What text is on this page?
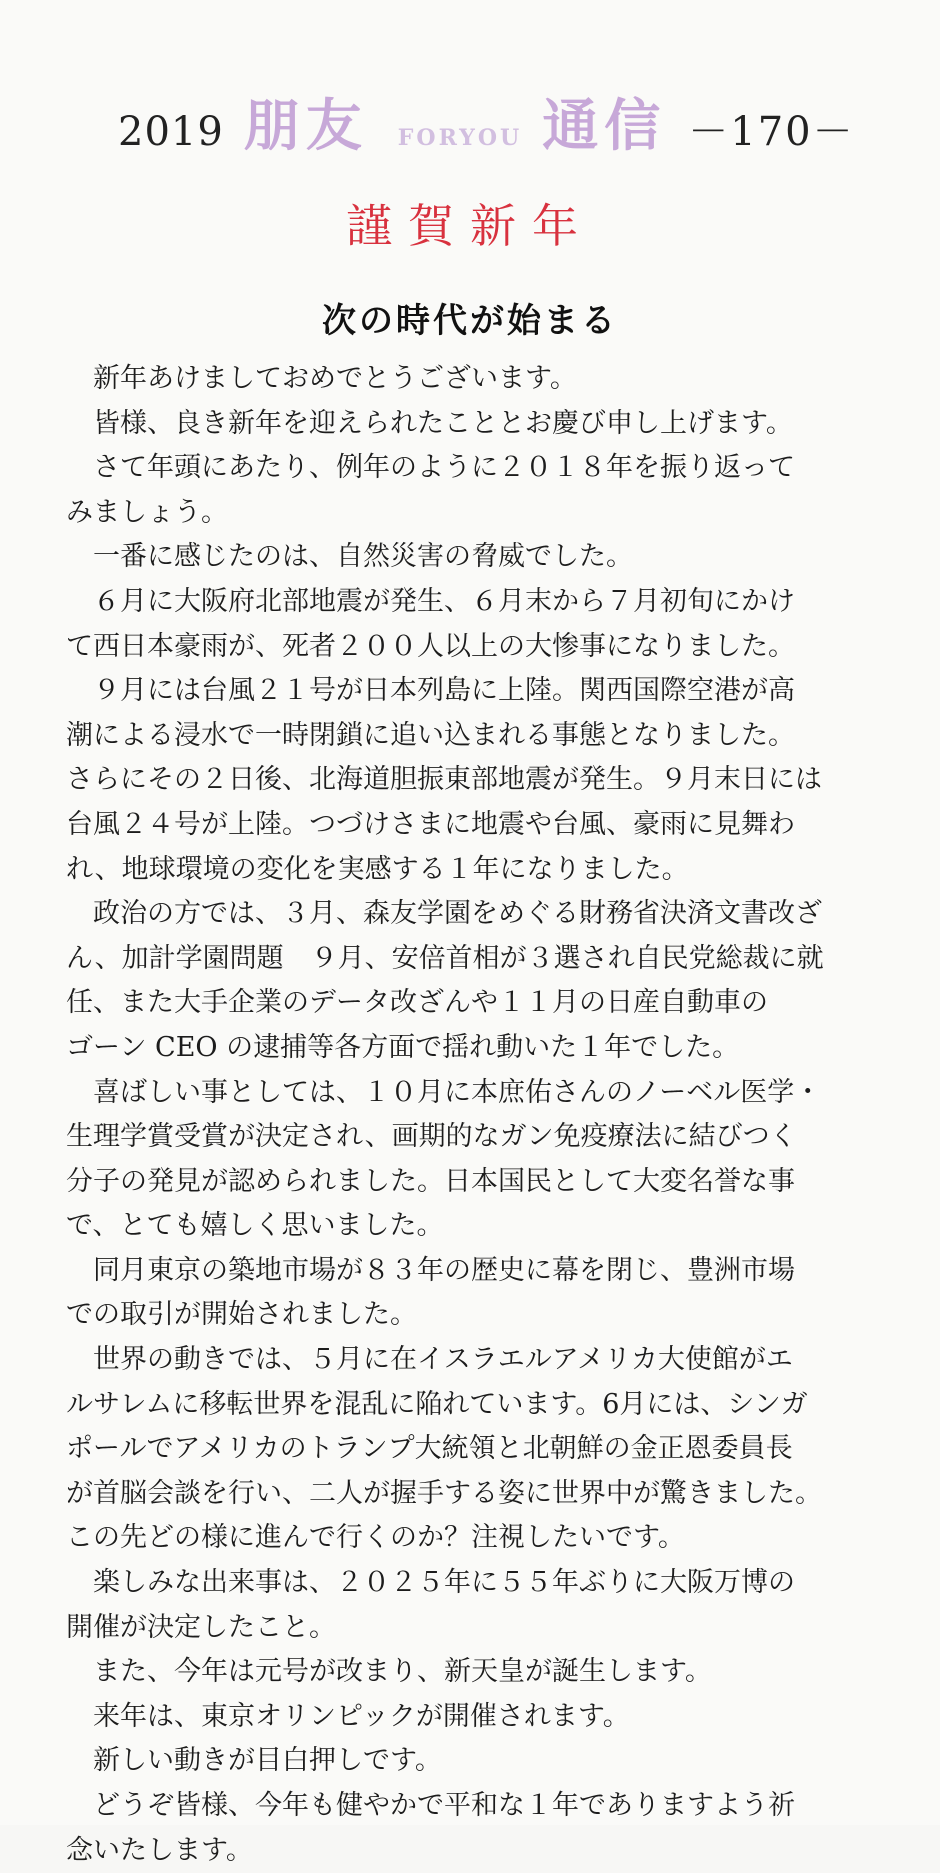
2019 朋友 FORYOU 通信 －170－
謹賀新年
次の時代が始まる

新年あけましておめでとうございます。

皆様、良き新年を迎えられたこととお慶び申し上げます。

さて年頭にあたり、例年のように２０１８年を振り返って
みましょう。

一番に感じたのは、自然災害の脅威でした。

６月に大阪府北部地震が発生、６月末から７月初旬にかけ
て西日本豪雨が、死者２００人以上の大惨事になりました。

９月には台風２１号が日本列島に上陸。関西国際空港が高
潮による浸水で一時閉鎖に追い込まれる事態となりました。
さらにその２日後、北海道胆振東部地震が発生。９月末日には
台風２４号が上陸。つづけさまに地震や台風、豪雨に見舞わ
れ、地球環境の変化を実感する１年になりました。

政治の方では、３月、森友学園をめぐる財務省決済文書改ざ
ん、加計学園問題　９月、安倍首相が３選され自民党総裁に就
任、また大手企業のデータ改ざんや１１月の日産自動車の
ゴーン CEO の逮捕等各方面で揺れ動いた１年でした。

喜ばしい事としては、１０月に本庶佑さんのノーベル医学・
生理学賞受賞が決定され、画期的なガン免疫療法に結びつく
分子の発見が認められました。日本国民として大変名誉な事
で、とても嬉しく思いました。

同月東京の築地市場が８３年の歴史に幕を閉じ、豊洲市場
での取引が開始されました。

世界の動きでは、５月に在イスラエルアメリカ大使館がエ
ルサレムに移転世界を混乱に陥れています。6月には、シンガ
ポールでアメリカのトランプ大統領と北朝鮮の金正恩委員長
が首脳会談を行い、二人が握手する姿に世界中が驚きました。
この先どの様に進んで行くのか？注視したいです。

楽しみな出来事は、２０２５年に５５年ぶりに大阪万博の
開催が決定したこと。

また、今年は元号が改まり、新天皇が誕生します。

来年は、東京オリンピックが開催されます。

新しい動きが目白押しです。

どうぞ皆様、今年も健やかで平和な１年でありますよう祈
念いたします。
